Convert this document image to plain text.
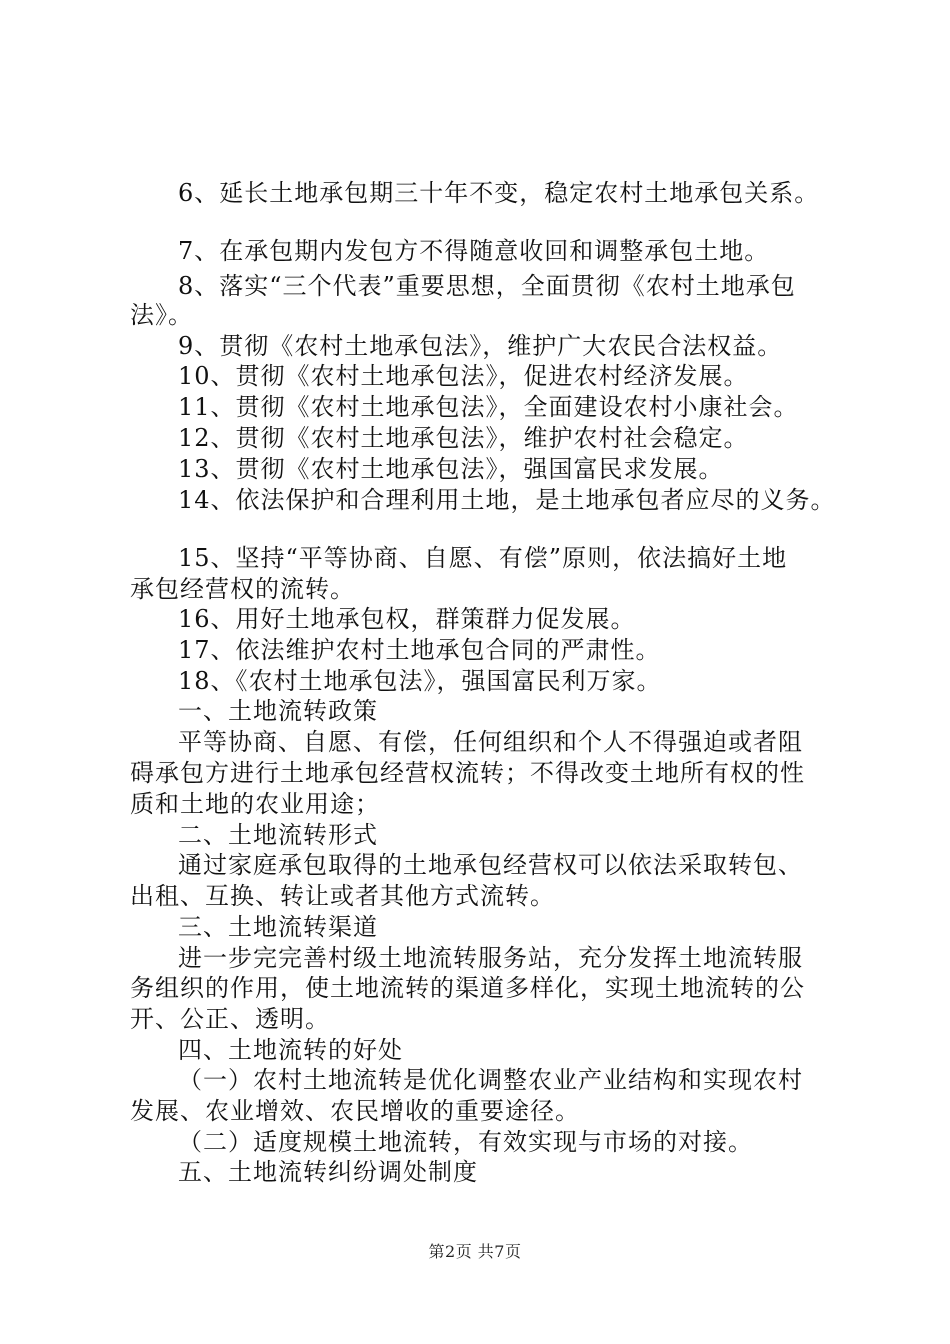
6、延长土地承包期三十年不变，稳定农村土地承包关系。
7、在承包期内发包方不得随意收回和调整承包土地。
8、落实“三个代表”重要思想，全面贯彻《农村土地承包
法》。
9、贯彻《农村土地承包法》，维护广大农民合法权益。
10、贯彻《农村土地承包法》，促进农村经济发展。
11、贯彻《农村土地承包法》，全面建设农村小康社会。
12、贯彻《农村土地承包法》，维护农村社会稳定。
13、贯彻《农村土地承包法》，强国富民求发展。
14、依法保护和合理利用土地，是土地承包者应尽的义务。
15、坚持“平等协商、自愿、有偿”原则，依法搞好土地
承包经营权的流转。
16、用好土地承包权，群策群力促发展。
17、依法维护农村土地承包合同的严肃性。
18、《农村土地承包法》，强国富民利万家。
一、土地流转政策
平等协商、自愿、有偿，任何组织和个人不得强迫或者阻
碍承包方进行土地承包经营权流转；不得改变土地所有权的性
质和土地的农业用途；
二、土地流转形式
通过家庭承包取得的土地承包经营权可以依法采取转包、
出租、互换、转让或者其他方式流转。
三、土地流转渠道
进一步完完善村级土地流转服务站，充分发挥土地流转服
务组织的作用，使土地流转的渠道多样化，实现土地流转的公
开、公正、透明。
四、土地流转的好处
（一）农村土地流转是优化调整农业产业结构和实现农村
发展、农业增效、农民增收的重要途径。
（二）适度规模土地流转，有效实现与市场的对接。
五、土地流转纠纷调处制度
第2页 共7页
